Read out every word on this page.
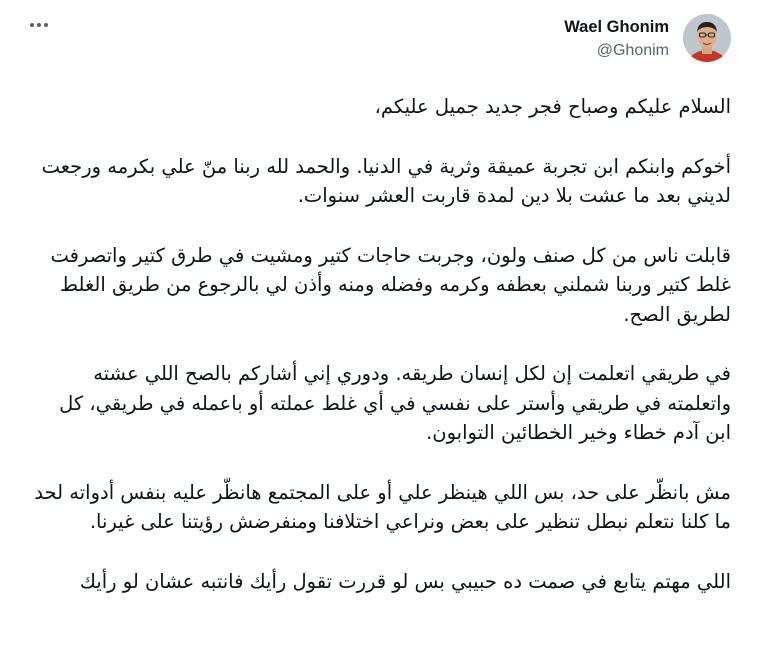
Wael Ghonim
@Ghonim

السلام عليكم وصباح فجر جديد جميل عليكم،

أخوكم وابنكم ابن تجربة عميقة وثرية في الدنيا. والحمد لله ربنا منّ علي بكرمه ورجعت لديني بعد ما عشت بلا دين لمدة قاربت العشر سنوات.

قابلت ناس من كل صنف ولون، وجربت حاجات كتير ومشيت في طرق كتير واتصرفت غلط كتير وربنا شملني بعطفه وكرمه وفضله ومنه وأذن لي بالرجوع من طريق الغلط لطريق الصح.

في طريقي اتعلمت إن لكل إنسان طريقه. ودوري إني أشاركم بالصح اللي عشته واتعلمته في طريقي و￼أستر على نفسي في أي غلط عملته أو باعمله في طريقي، كل ابن آدم خطاء وخير الخطائين التوابون.

مش بانظّر على حد، بس اللي هينظر علي أو على المجتمع هانظّر عليه بنفس أدواته لحد ما كلنا نتعلم نبطل تنظير على بعض ونراعي اختلافنا ومنفرضش رؤيتنا على غيرنا.

اللي مهتم يتابع في صمت ده حبيبي بس لو قررت تقول رأيك فانتبه عشان لو رأيك
